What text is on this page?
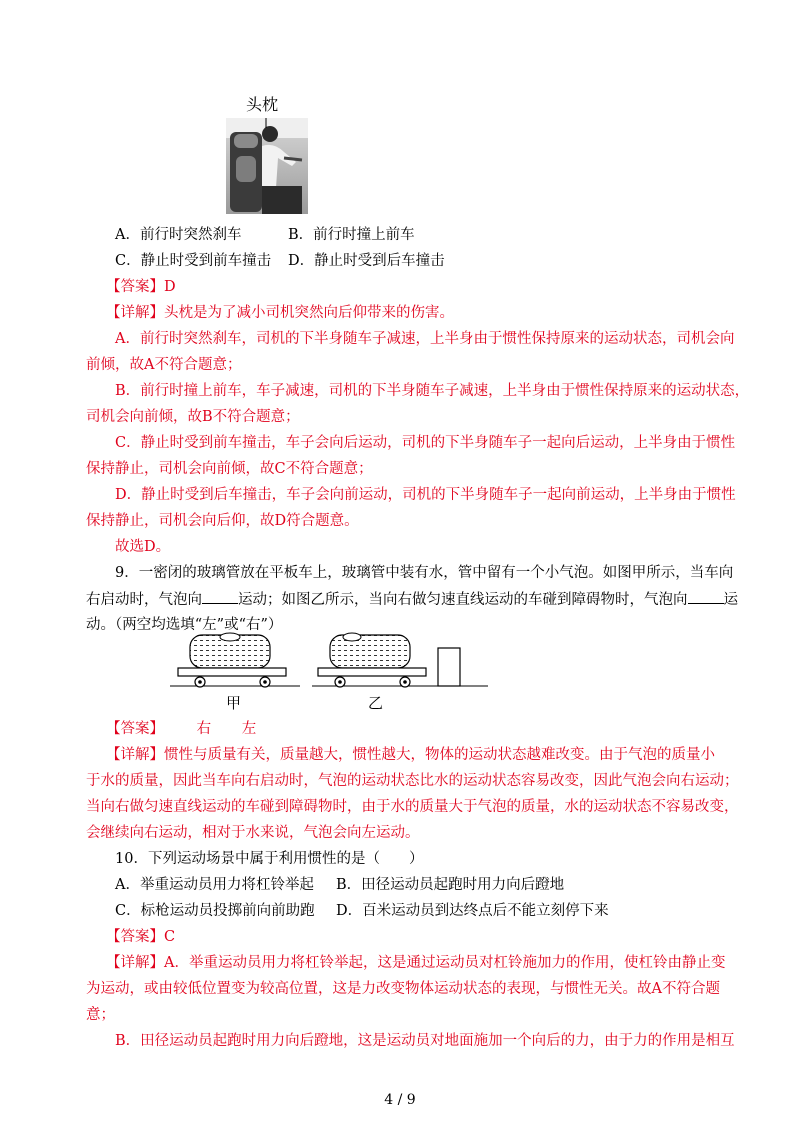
头枕
A．前行时突然刹车	B．前行时撞上前车
C．静止时受到前车撞击 D．静止时受到后车撞击
【答案】D
【详解】头枕是为了减小司机突然向后仰带来的伤害。
A．前行时突然刹车，司机的下半身随车子减速，上半身由于惯性保持原来的运动状态，司机会向
前倾，故A不符合题意；
B．前行时撞上前车，车子减速，司机的下半身随车子减速，上半身由于惯性保持原来的运动状态，
司机会向前倾，故B不符合题意；
C．静止时受到前车撞击，车子会向后运动，司机的下半身随车子一起向后运动，上半身由于惯性
保持静止，司机会向前倾，故C不符合题意；
D．静止时受到后车撞击，车子会向前运动，司机的下半身随车子一起向前运动，上半身由于惯性
保持静止，司机会向后仰，故D符合题意。
故选D。
9．一密闭的玻璃管放在平板车上，玻璃管中装有水，管中留有一个小气泡。如图甲所示，当车向
右启动时，气泡向 运动；如图乙所示，当向右做匀速直线运动的车碰到障碍物时，气泡向 运
动。（两空均选填“左”或“右”）
甲	乙
【答案】 右 左
【详解】惯性与质量有关，质量越大，惯性越大，物体的运动状态越难改变。由于气泡的质量小
于水的质量，因此当车向右启动时，气泡的运动状态比水的运动状态容易改变，因此气泡会向右运动；
当向右做匀速直线运动的车碰到障碍物时，由于水的质量大于气泡的质量，水的运动状态不容易改变，
会继续向右运动，相对于水来说，气泡会向左运动。
10．下列运动场景中属于利用惯性的是（　　）
A．举重运动员用力将杠铃举起 B．田径运动员起跑时用力向后蹬地
C．标枪运动员投掷前向前助跑 D．百米运动员到达终点后不能立刻停下来
【答案】C
【详解】A．举重运动员用力将杠铃举起，这是通过运动员对杠铃施加力的作用，使杠铃由静止变
为运动，或由较低位置变为较高位置，这是力改变物体运动状态的表现，与惯性无关。故A不符合题
意；
B．田径运动员起跑时用力向后蹬地，这是运动员对地面施加一个向后的力，由于力的作用是相互
4 / 9
